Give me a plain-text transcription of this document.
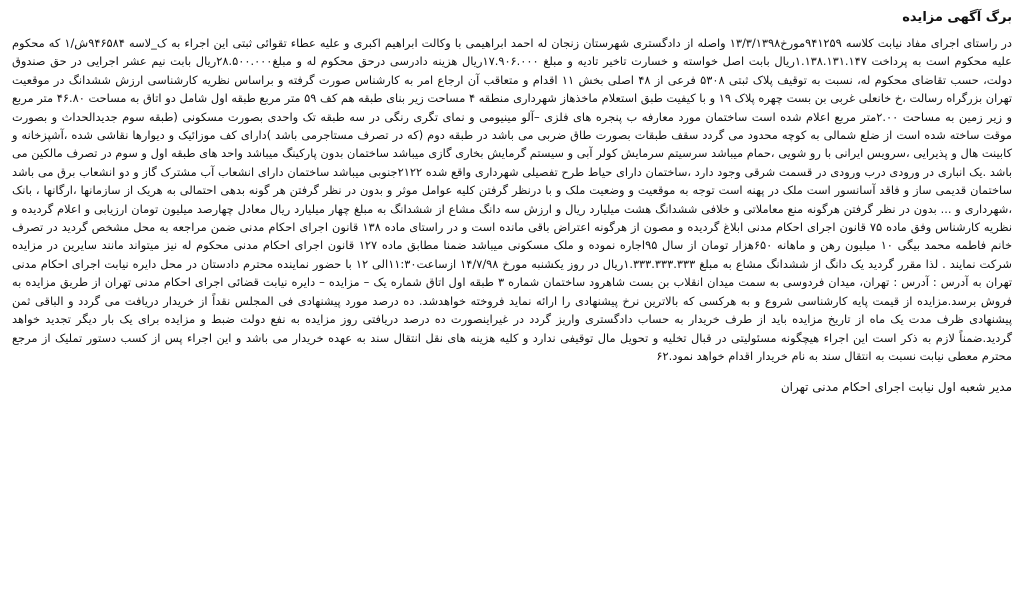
برگ آگهی مزایده

در راستای اجرای مفاد نیابت کلاسه ۹۴۱۲۵۹مورخ۱۳/۳/۱۳۹۸ واصله از دادگستری شهرستان زنجان له احمد ابراهیمی با وکالت ابراهیم اکبری و علیه عطاء تقوائی ثبتی این اجراء به ک_لاسه ۹۴۶۵۸۴ش/۱ که محکوم علیه محکوم است به پرداخت ۱.۱۳۸.۱۳۱.۱۴۷ریال بابت اصل خواسته و خسارت تاخیر تادیه و مبلغ ۱۷.۹۰۶.۰۰۰ریال هزینه دادرسی درحق محکوم له و مبلغ۲۸.۵۰۰.۰۰۰ریال بابت نیم عشر اجرایی در حق صندوق دولت، حسب تقاضای محکوم له، نسبت به توقیف پلاک ثبتی ۵۳۰۸ فرعی از ۴۸ اصلی بخش ۱۱ اقدام و متعاقب آن ارجاع امر به کارشناس صورت گرفته و براساس نظریه کارشناسی ارزش ششدانگ در موقعیت تهران بزرگراه رسالت ،خ خانعلی غربی بن بست چهره پلاک ۱۹ و با کیفیت طبق استعلام ماخذهاز شهرداری منطقه ۴ مساحت زیر بنای طبقه هم کف ۵۹ متر مربع طبقه اول شامل دو اتاق به مساحت ۴۶.۸۰ متر مربع و زیر زمین به مساحت ۲.۰۰متر مربع اعلام شده است ساختمان مورد معارفه ب پنجره های فلزی –آلو مینیومی و نمای تگری رنگی در سه طبقه تک واحدی بصورت مسکونی (طبقه سوم جدیدالحداث و بصورت موقت ساخته شده است از ضلع شمالی به کوچه محدود می گردد سقف طبقات بصورت طاق ضربی می باشد در طبقه دوم (که در تصرف مستاجرمی باشد )دارای کف موزائیک و دیوارها نقاشی شده ،آشپزخانه و کابینت هال و پذیرایی ،سرویس ایرانی با رو شویی ،حمام میباشد سرسیتم سرمایش کولر آبی و سیستم گرمایش بخاری گازی میباشد ساختمان بدون پارکینگ میباشد واحد های طبقه اول و سوم در تصرف مالکین می باشد .یک انباری در ورودی درب ورودی در قسمت شرقی وجود دارد ،ساختمان دارای حیاط طرح تفصیلی شهرداری واقع شده ۲۱۲۲جنوبی میباشد ساختمان دارای انشعاب آب مشترک گاز و دو انشعاب برق می باشد ساختمان قدیمی ساز و فاقد آسانسور است ملک در پهنه است توجه به موقعیت و وضعیت ملک و با درنظر گرفتن کلیه عوامل موثر و بدون در نظر گرفتن هر گونه بدهی احتمالی به هریک از سازمانها ،ارگانها ، بانک ،شهرداری و ... بدون در نظر گرفتن هرگونه منع معاملاتی و خلافی ششدانگ هشت میلیارد ریال و ارزش سه دانگ مشاع از ششدانگ به مبلغ چهار میلیارد ریال معادل چهارصد میلیون تومان ارزیابی و اعلام گردیده و نظریه کارشناس وفق ماده ۷۵ قانون اجرای احکام مدنی ابلاغ گردیده و مصون از هرگونه اعتراض باقی مانده است و در راستای ماده ۱۳۸ قانون اجرای احکام مدنی ضمن مراجعه به محل مشخص گردید در تصرف خانم فاطمه محمد بیگی ۱۰ میلیون رهن و ماهانه ۶۵۰هزار تومان از سال ۹۵اجاره نموده و ملک مسکونی میباشد ضمنا مطابق ماده ۱۲۷ قانون اجرای احکام مدنی محکوم له نیز میتواند مانند سایرین در مزایده شرکت نمایند . لذا مقرر گردید یک دانگ از ششدانگ مشاع به مبلغ ۱.۳۳۳.۳۳۳.۳۳۳ریال در روز یکشنبه مورخ ۱۴/۷/۹۸ ازساعت۱۱:۳۰الی ۱۲ با حضور نماینده محترم دادستان در محل دایره نیابت اجرای احکام مدنی تهران به آدرس : آدرس : تهران، میدان فردوسی به سمت میدان انقلاب بن بست شاهرود ساختمان شماره ۳ طبقه اول اتاق شماره یک – مزایده – دایره نیابت قضائی اجرای احکام مدنی تهران از طریق مزایده به فروش برسد.مزایده از قیمت پایه کارشناسی شروع و به هرکسی که بالاترین نرخ پیشنهادی را ارائه نماید فروخته خواهدشد. ده درصد مورد پیشنهادی فی المجلس نقداً از خریدار دریافت می گردد و الباقی ثمن پیشنهادی ظرف مدت یک ماه از تاریخ مزایده باید از طرف خریدار به حساب دادگستری واریز گردد در غیراینصورت ده درصد دریافتی روز مزایده به نفع دولت ضبط و مزایده برای یک بار دیگر تجدید خواهد گردید.ضمناً لازم به ذکر است این اجراء هیچگونه مسئولیتی در قبال تخلیه و تحویل مال توقیفی ندارد و کلیه هزینه های نقل انتقال سند به عهده خریدار می باشد و این اجراء پس از کسب دستور تملیک از مرجع محترم معطی نیابت نسبت به انتقال سند به نام خریدار اقدام خواهد نمود.۶۲

مدیر شعبه اول نیابت اجرای احکام مدنی تهران
